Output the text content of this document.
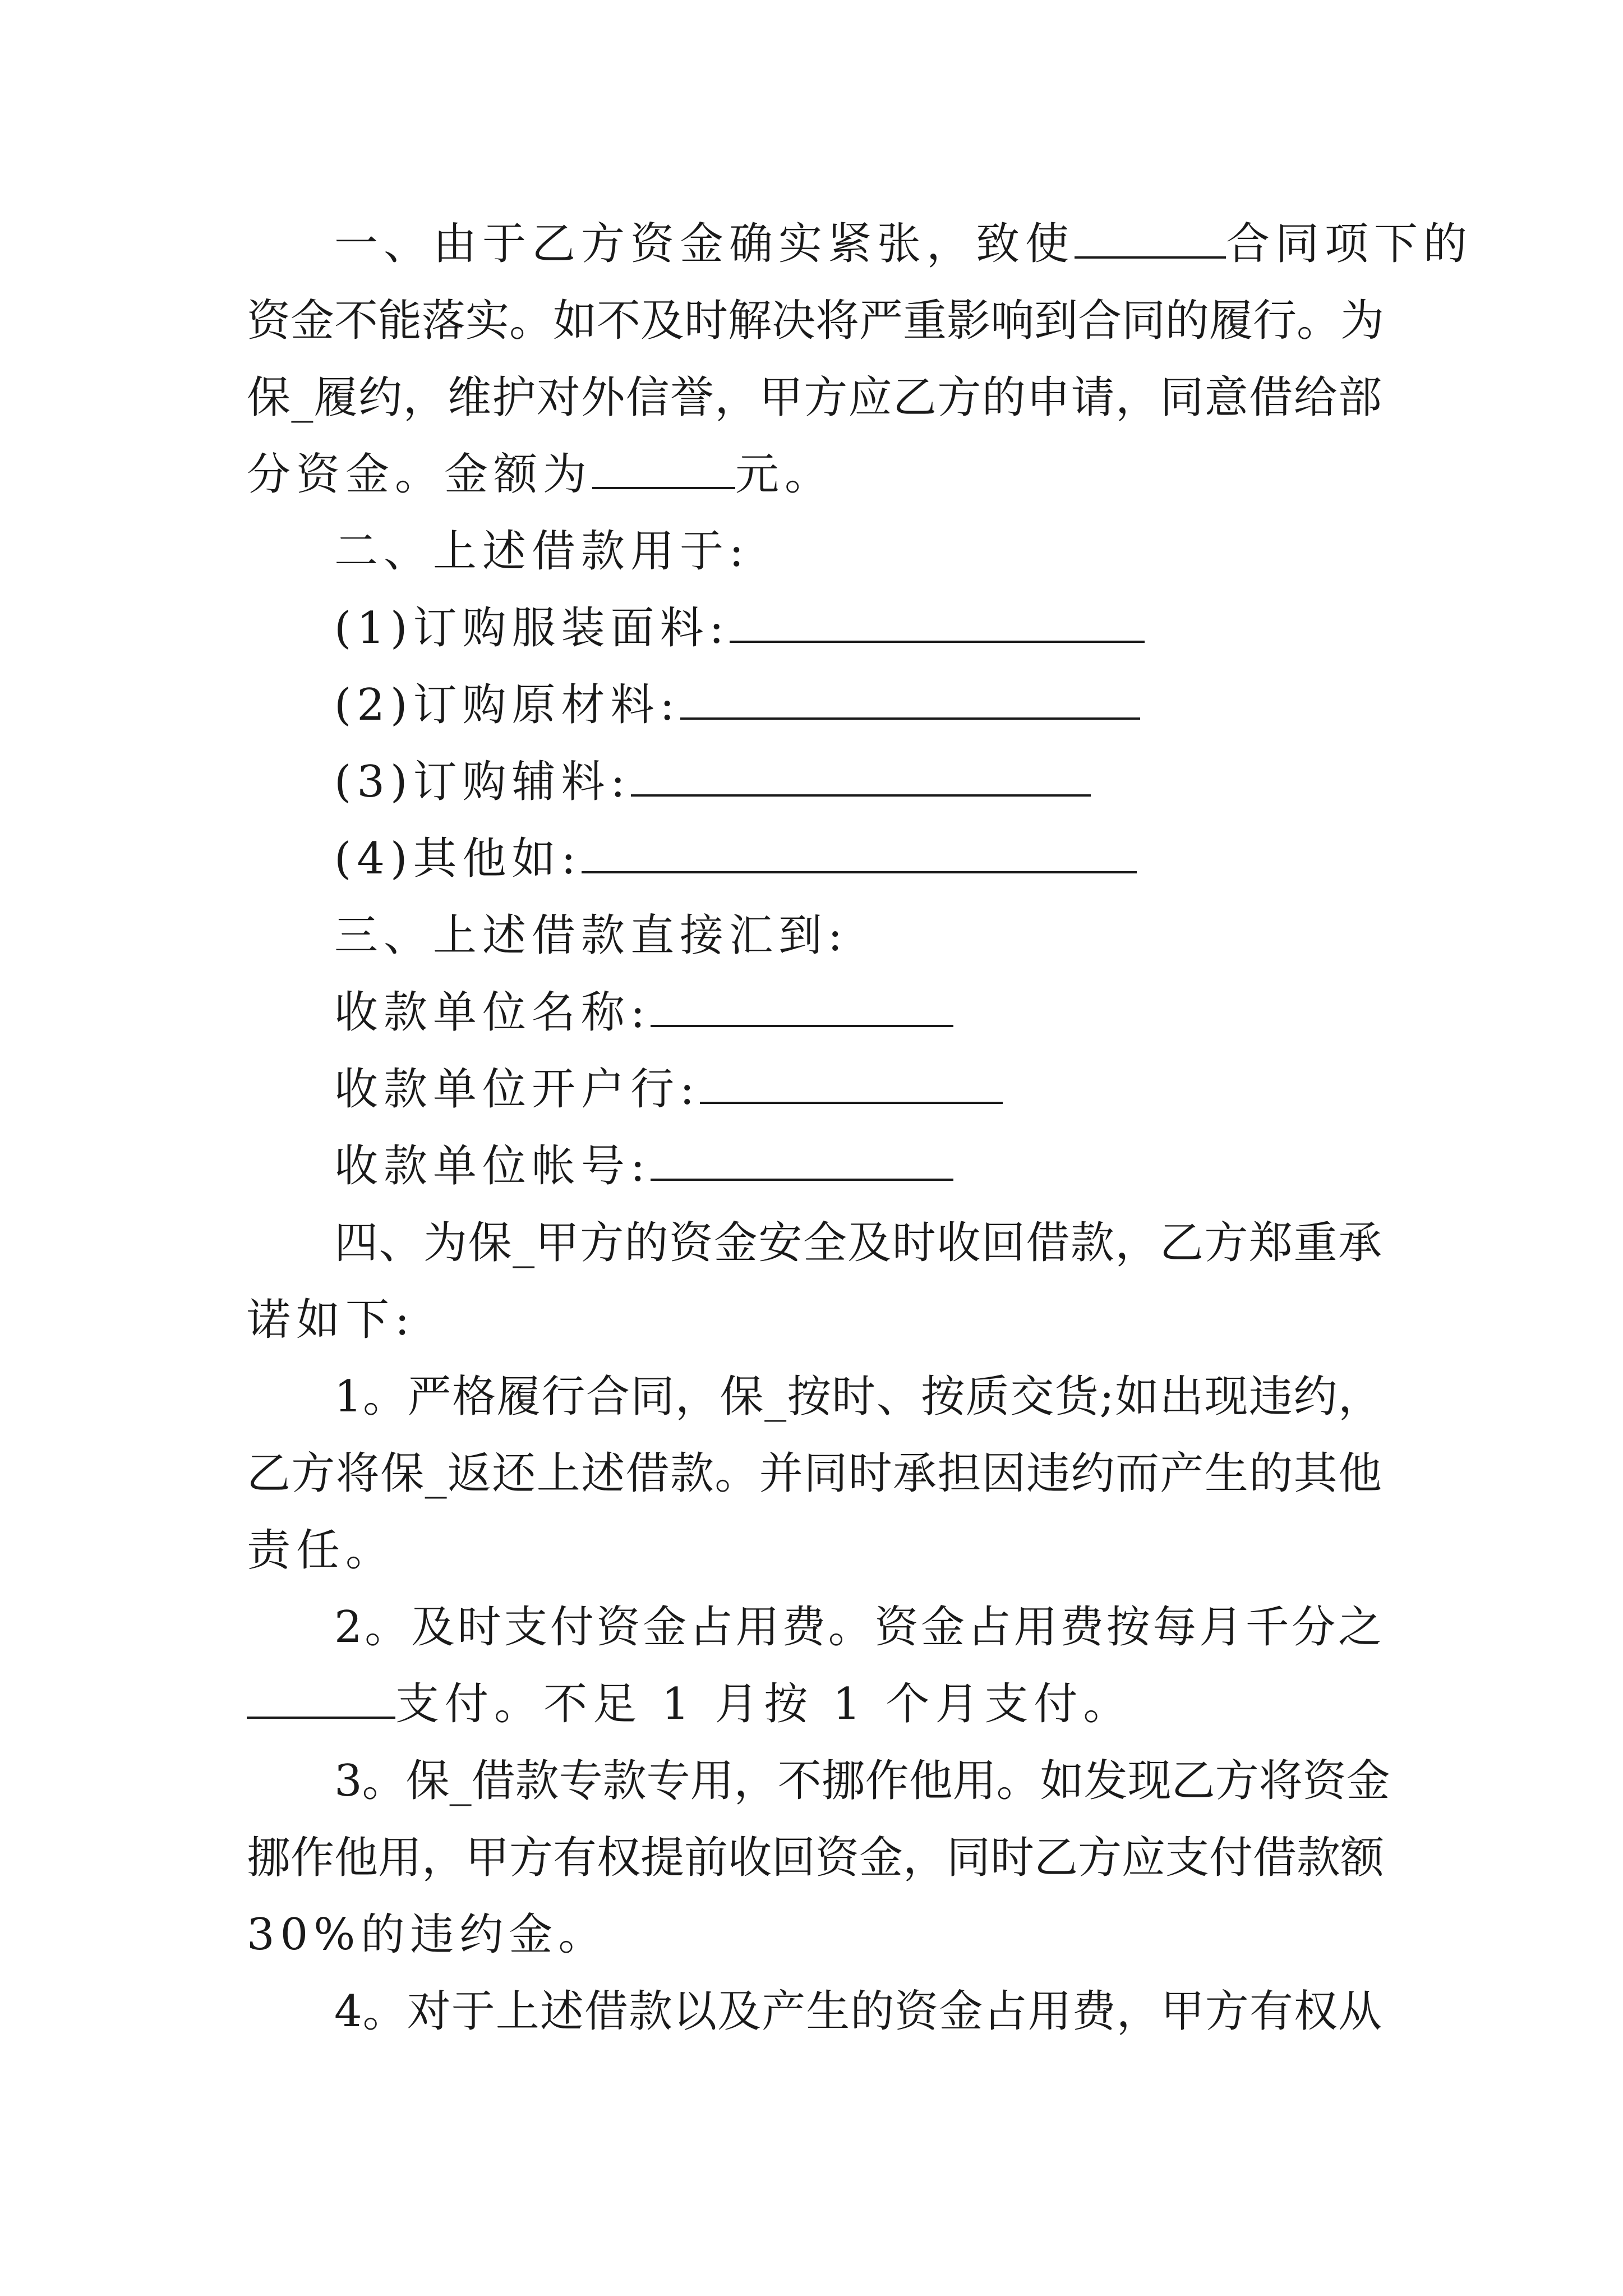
一、由于乙方资金确实紧张，致使	合同项下的
资金不能落实。如不及时解决将严重影响到合同的履行。为
保_履约，维护对外信誉，甲方应乙方的申请，同意借给部
分资金。金额为	元。
二、上述借款用于:
(1)订购服装面料:
(2)订购原材料:
(3)订购辅料:
(4)其他如:
三、上述借款直接汇到:
收款单位名称:
收款单位开户行:
收款单位帐号:
四、为保_甲方的资金安全及时收回借款，乙方郑重承
诺如下:
1。严格履行合同，保_按时、按质交货;如出现违约，
乙方将保_返还上述借款。并同时承担因违约而产生的其他
责任。
2。及时支付资金占用费。资金占用费按每月千分之
支付。不足 1 月按 1 个月支付。
3。保_借款专款专用，不挪作他用。如发现乙方将资金
挪作他用，甲方有权提前收回资金，同时乙方应支付借款额
30%的违约金。
4。对于上述借款以及产生的资金占用费，甲方有权从
